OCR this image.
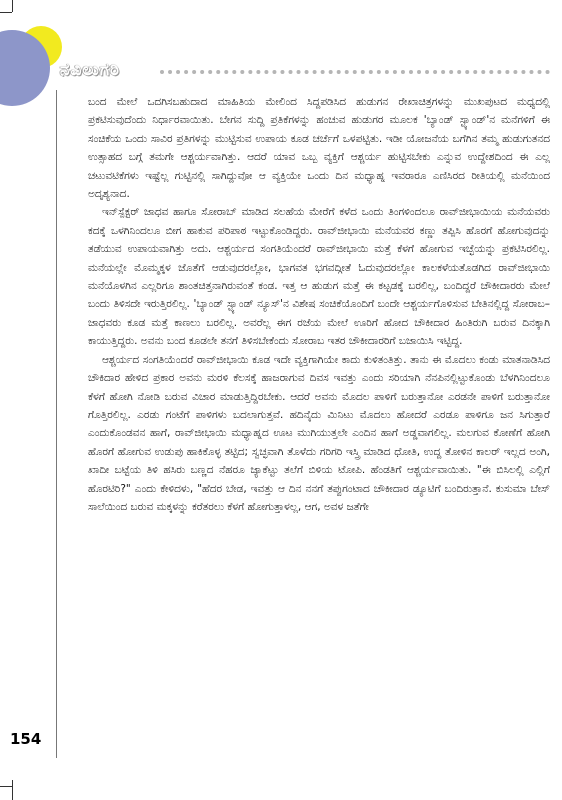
ನವಿಲುಗರಿ
154

ಬಂದ ಮೇಲೆ ಒದಗಿಸಬಹುದಾದ ಮಾಹಿತಿಯ ಮೇಲಿಂದ ಸಿದ್ದಪಡಿಸಿದ ಹುಡುಗನ ರೇಖಾಚಿತ್ರಗಳನ್ನು ಮುಖಪುಟದ ಮಧ್ಯದಲ್ಲಿ ಪ್ರಕಟಿಸುವುದೆಂದು ನಿರ್ಧಾರವಾಯಿತು. ಬೇಗನ ಸುದ್ದಿ ಪ್ರತಿಕೆಗಳನ್ನು ಹಂಚುವ ಹುಡುಗರ ಮೂಲಕ 'ಬ್ಯಾಂಡ್ ಸ್ಟ್ಯಾಂಡ್'ನ ಮನೆಗಳಿಗೆ ಈ ಸಂಚಿಕೆಯ ಒಂದು ಸಾವಿರ ಪ್ರತಿಗಳನ್ನು ಮುಟ್ಟಿಸುವ ಉಪಾಯ ಕೂಡ ಚರ್ಚೆಗೆ ಒಳಪಟ್ಟಿತು. ಇಡೀ ಯೋಜನೆಯ ಬಗೆಗಿನ ತಮ್ಮ ಹುಡುಗುತನದ ಉತ್ಸಾಹದ ಬಗ್ಗೆ ತಮಗೇ ಆಶ್ಚರ್ಯವಾಗಿತ್ತು. ಆದರೆ ಯಾವ ಒಬ್ಬ ವ್ಯಕ್ತಿಗೆ ಆಶ್ಚರ್ಯ ಹುಟ್ಟಿಸಬೇಕು ಎನ್ನುವ ಉದ್ದೇಶದಿಂದ ಈ ಎಲ್ಲ ಚಟುವಟಿಕೆಗಳು ಇಷ್ಟೆಲ್ಲ ಗುಟ್ಟಿನಲ್ಲಿ ಸಾಗಿದ್ದುವೋ ಆ ವ್ಯಕ್ತಿಯೇ ಒಂದು ದಿನ ಮಧ್ಯಾಹ್ನ ಇವರಾರೂ ಎಣಿಸಿರದ ರೀತಿಯಲ್ಲಿ ಮನೆಯಿಂದ ಅದೃಶ್ಯನಾದ.

ಇನ್‌ಸ್ಪೆಕ್ಟರ್ ಜಾಧವ ಹಾಗೂ ಸೋರಾಬ್ ಮಾಡಿದ ಸಲಹೆಯ ಮೇರೆಗೆ ಕಳೆದ ಒಂದು ತಿಂಗಳಿಂದಲೂ ರಾವ್‌ಜೀಭಾಯಿಯ ಮನೆಯವರು ಕದಕ್ಕೆ ಒಳಗಿನಿಂದಲೂ ಬೀಗ ಹಾಕುವ ಪರಿಪಾಠ ಇಟ್ಟುಕೊಂಡಿದ್ದರು. ರಾವ್‌ಜೀಭಾಯಿ ಮನೆಯವರ ಕಣ್ಣು ತಪ್ಪಿಸಿ ಹೊರಗೆ ಹೋಗುವುದನ್ನು ತಡೆಯುವ ಉಪಾಯವಾಗಿತ್ತು ಅದು. ಆಶ್ಚರ್ಯದ ಸಂಗತಿಯೆಂದರೆ ರಾವ್‌ಜೀಭಾಯಿ ಮತ್ತೆ ಕೆಳಗೆ ಹೋಗುವ ಇಚ್ಛೆಯನ್ನು ಪ್ರಕಟಿಸಿರಲಿಲ್ಲ. ಮನೆಯಲ್ಲೇ ಮೊಮ್ಮಕ್ಕಳ ಜೊತೆಗೆ ಆಡುವುದರಲ್ಲೋ, ಭಾಗವತ ಭಗವದ್ಗೀತೆ ಓದುವುದರಲ್ಲೋ ಕಾಲಕಳೆಯತೊಡಗಿದ ರಾವ್‌ಜೀಭಾಯಿ ಮನೆಯೊಳಗಿನ ಎಲ್ಲರಿಗೂ ಶಾಂತಚಿತ್ತನಾಗಿರುವಂತೆ ಕಂಡ. ಇತ್ತ ಆ ಹುಡುಗ ಮತ್ತೆ ಈ ಕಟ್ಟಡಕ್ಕೆ ಬರಲಿಲ್ಲ, ಬಂದಿದ್ದರೆ ಚೌಕೀದಾರರು ಮೇಲೆ ಬಂದು ತಿಳಿಸದೇ ಇರುತ್ತಿರಲಿಲ್ಲ. 'ಬ್ಯಾಂಡ್ ಸ್ಟ್ಯಾಂಡ್ ನ್ಯೂಸ್'ನ ವಿಶೇಷ ಸಂಚಿಕೆಯೊಂದಿಗೆ ಬಂದೇ ಆಶ್ಚರ್ಯಗೊಳಿಸುವ ಬೇತಿನಲ್ಲಿದ್ದ ಸೋರಾಬ–ಜಾಧವರು ಕೂಡ ಮತ್ತೆ ಕಾಣಲು ಬರಲಿಲ್ಲ. ಅವರೆಲ್ಲ ಈಗ ರಜೆಯ ಮೇಲೆ ಊರಿಗೆ ಹೋದ ಚೌಕೀದಾರ ಹಿಂತಿರುಗಿ ಬರುವ ದಿನಕ್ಕಾಗಿ ಕಾಯುತ್ತಿದ್ದರು. ಅವನು ಬಂದ ಕೂಡಲೇ ತನಗೆ ತಿಳಿಸಬೇಕೆಂದು ಸೋರಾಬ ಇತರ ಚೌಕೀದಾರರಿಗೆ ಬಜಾಯಿಸಿ ಇಟ್ಟಿದ್ದ.

ಆಶ್ಚರ್ಯದ ಸಂಗತಿಯೆಂದರೆ ರಾವ್‌ಜೀಭಾಯಿ ಕೂಡ ಇದೇ ವ್ಯಕ್ತಿಗಾಗಿಯೇ ಕಾದು ಕುಳಿತಂತಿತ್ತು. ತಾನು ಈ ಮೊದಲು ಕಂಡು ಮಾತನಾಡಿಸಿದ ಚೌಕಿದಾರ ಹೇಳಿದ ಪ್ರಕಾರ ಅವನು ಮರಳಿ ಕೆಲಸಕ್ಕೆ ಹಾಜರಾಗುವ ದಿವಸ ಇವತ್ತು ಎಂದು ಸರಿಯಾಗಿ ನೆನಪಿನಲ್ಲಿಟ್ಟುಕೊಂಡು ಬೆಳಗಿನಿಂದಲೂ ಕೆಳಗೆ ಹೋಗಿ ನೋಡಿ ಬರುವ ವಿಚಾರ ಮಾಡುತ್ತಿದ್ದಿರಬೇಕು. ಆದರೆ ಅವನು ಮೊದಲ ಪಾಳಿಗೆ ಬರುತ್ತಾನೋ ಎರಡನೇ ಪಾಳಿಗೆ ಬರುತ್ತಾನೋ ಗೊತ್ತಿರಲಿಲ್ಲ. ಎರಡು ಗಂಟೆಗೆ ಪಾಳಿಗಳು ಬದಲಾಗುತ್ತವೆ. ಹದಿನೈದು ಮಿನಿಟು ಮೊದಲು ಹೋದರೆ ಎರಡೂ ಪಾಳಿಗೂ ಜನ ಸಿಗುತ್ತಾರೆ ಎಂದುಕೊಂಡವನ ಹಾಗೆ, ರಾವ್‌ಜೀಭಾಯಿ ಮಧ್ಯಾಹ್ನದ ಊಟ ಮುಗಿಯುತ್ತಲೇ ಎಂದಿನ ಹಾಗೆ ಅಡ್ಡವಾಗಲಿಲ್ಲ. ಮಲಗುವ ಕೋಣೆಗೆ ಹೋಗಿ ಹೊರಗೆ ಹೋಗುವ ಉಡುಪು ಹಾಕಿಕೊಳ್ಳ ತಟ್ಟಿದ; ಸ್ವಚ್ಛವಾಗಿ ತೊಳೆದು ಗರಿಗರಿ ಇಸ್ತ್ರಿ ಮಾಡಿದ ಧೋತಿ, ಉದ್ದ ತೋಳಿನ ಕಾಲರ್ ಇಲ್ಲದ ಅಂಗಿ, ಖಾದೀ ಬಟ್ಟೆಯ ತಿಳಿ ಹಸಿರು ಬಣ್ಣದ ನೆಹರೂ ಜ್ಯಾಕೆಟ್ಟು ತಲೆಗೆ ಬಿಳಿಯ ಟೋಪಿ. ಹೆಂಡತಿಗೆ ಆಶ್ಚರ್ಯವಾಯಿತು. "ಈ ಬಿಸಿಲಲ್ಲಿ ಎಲ್ಲಿಗೆ ಹೊರಟಿರಿ?" ಎಂದು ಕೇಳಿದಳು, "ಹೆದರ ಬೇಡ, ಇವತ್ತು ಆ ದಿನ ನನಗೆ ತಪ್ಪುಗಂಟಾದ ಚೌಕೀದಾರ ಡ್ಯೂಟಿಗೆ ಬಂದಿರುತ್ತಾನೆ. ಕುಸುಮಾ ಬೇಸ್ ಸಾಲೆಯಿಂದ ಬರುವ ಮಕ್ಕಳನ್ನು ಕರೆತರಲು ಕೆಳಗೆ ಹೋಗುತ್ತಾಳಲ್ಲ, ಆಗ, ಅವಳ ಜತೆಗೇ
